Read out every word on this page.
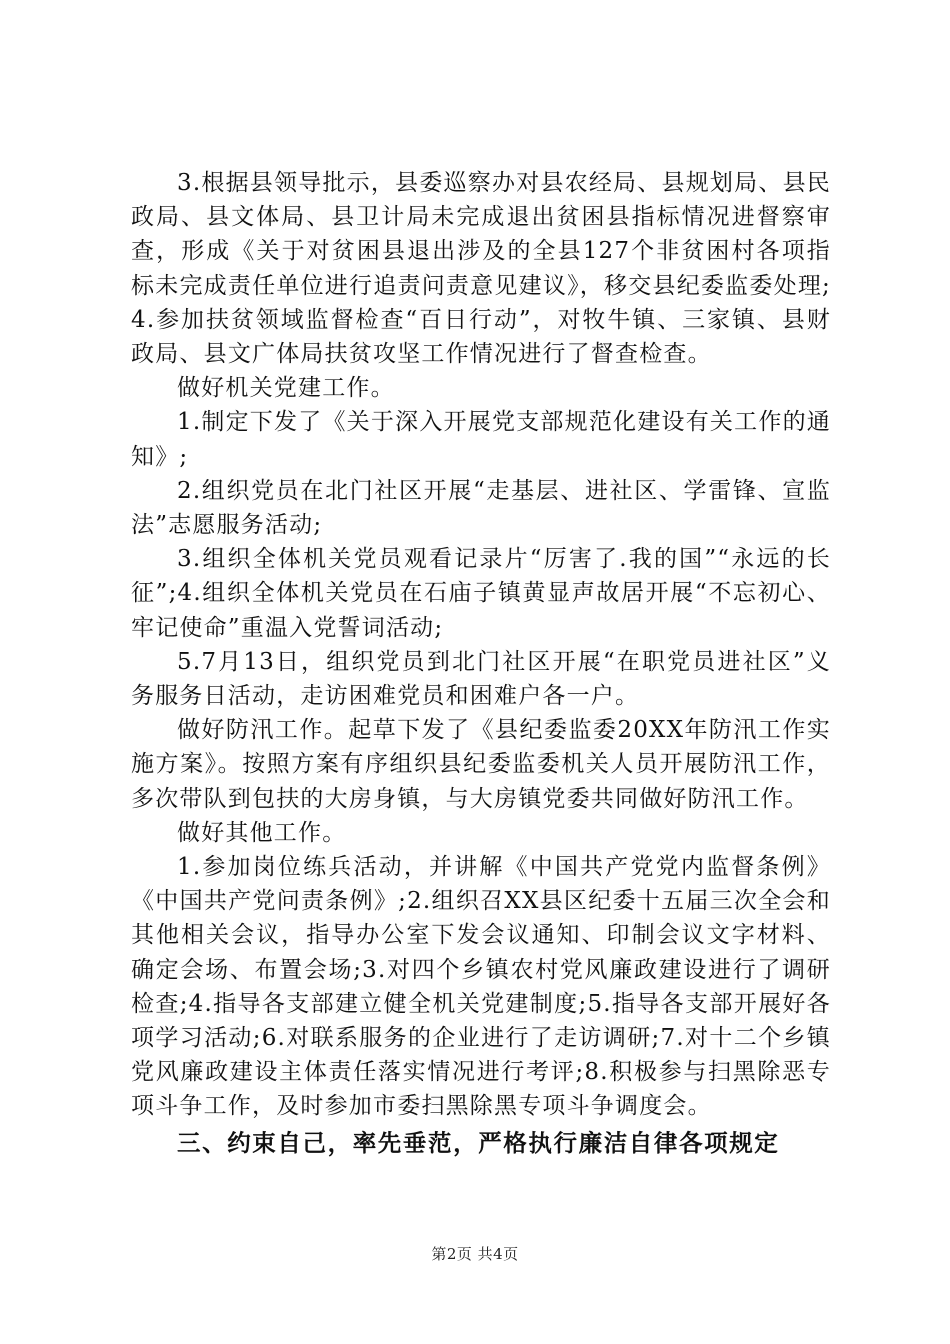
3.根据县领导批示，县委巡察办对县农经局、县规划局、县民政局、县文体局、县卫计局未完成退出贫困县指标情况进督察审查，形成《关于对贫困县退出涉及的全县127个非贫困村各项指标未完成责任单位进行追责问责意见建议》，移交县纪委监委处理;4.参加扶贫领域监督检查“百日行动”，对牧牛镇、三家镇、县财政局、县文广体局扶贫攻坚工作情况进行了督查检查。

做好机关党建工作。

1.制定下发了《关于深入开展党支部规范化建设有关工作的通知》;

2.组织党员在北门社区开展“走基层、进社区、学雷锋、宣监法”志愿服务活动;

3.组织全体机关党员观看记录片“厉害了.我的国”“永远的长征”;4.组织全体机关党员在石庙子镇黄显声故居开展“不忘初心、牢记使命”重温入党誓词活动;

5.7月13日，组织党员到北门社区开展“在职党员进社区”义务服务日活动，走访困难党员和困难户各一户。

做好防汛工作。起草下发了《县纪委监委20XX年防汛工作实施方案》。按照方案有序组织县纪委监委机关人员开展防汛工作，多次带队到包扶的大房身镇，与大房镇党委共同做好防汛工作。

做好其他工作。

1.参加岗位练兵活动，并讲解《中国共产党党内监督条例》《中国共产党问责条例》;2.组织召XX县区纪委十五届三次全会和其他相关会议，指导办公室下发会议通知、印制会议文字材料、确定会场、布置会场;3.对四个乡镇农村党风廉政建设进行了调研检查;4.指导各支部建立健全机关党建制度;5.指导各支部开展好各项学习活动;6.对联系服务的企业进行了走访调研;7.对十二个乡镇党风廉政建设主体责任落实情况进行考评;8.积极参与扫黑除恶专项斗争工作，及时参加市委扫黑除黑专项斗争调度会。

三、约束自己，率先垂范，严格执行廉洁自律各项规定

第2页 共4页
